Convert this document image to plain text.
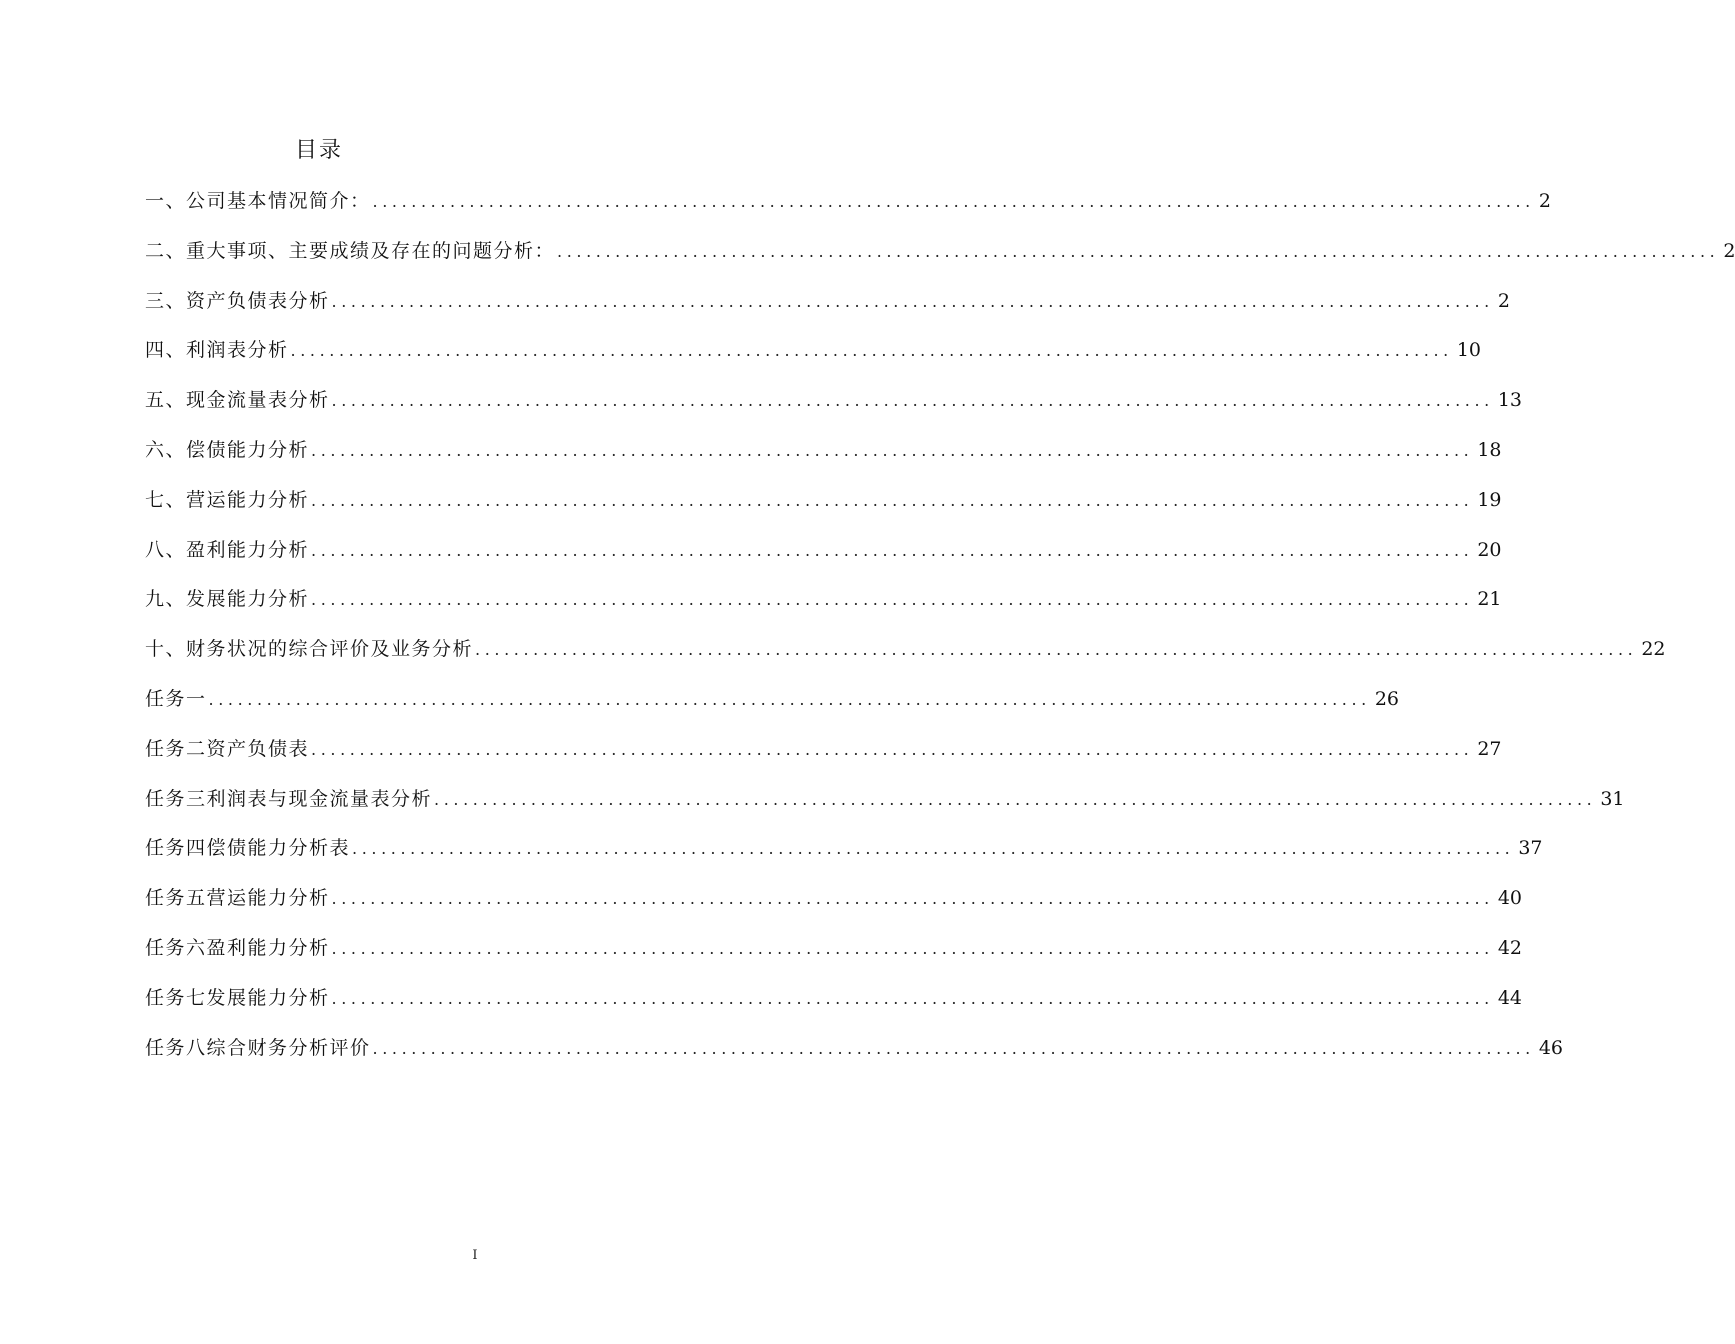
目录
一、公司基本情况简介： ........................................................................................................................ 2
二、重大事项、主要成绩及存在的问题分析： ........................................................................................................................ 2
三、资产负债表分析 ........................................................................................................................ 2
四、利润表分析 ........................................................................................................................ 10
五、现金流量表分析 ........................................................................................................................ 13
六、偿债能力分析 ........................................................................................................................ 18
七、营运能力分析 ........................................................................................................................ 19
八、盈利能力分析 ........................................................................................................................ 20
九、发展能力分析 ........................................................................................................................ 21
十、财务状况的综合评价及业务分析 ........................................................................................................................ 22
任务一 ........................................................................................................................ 26
任务二资产负债表 ........................................................................................................................ 27
任务三利润表与现金流量表分析 ........................................................................................................................ 31
任务四偿债能力分析表 ........................................................................................................................ 37
任务五营运能力分析 ........................................................................................................................ 40
任务六盈利能力分析 ........................................................................................................................ 42
任务七发展能力分析 ........................................................................................................................ 44
任务八综合财务分析评价 ........................................................................................................................ 46
I
